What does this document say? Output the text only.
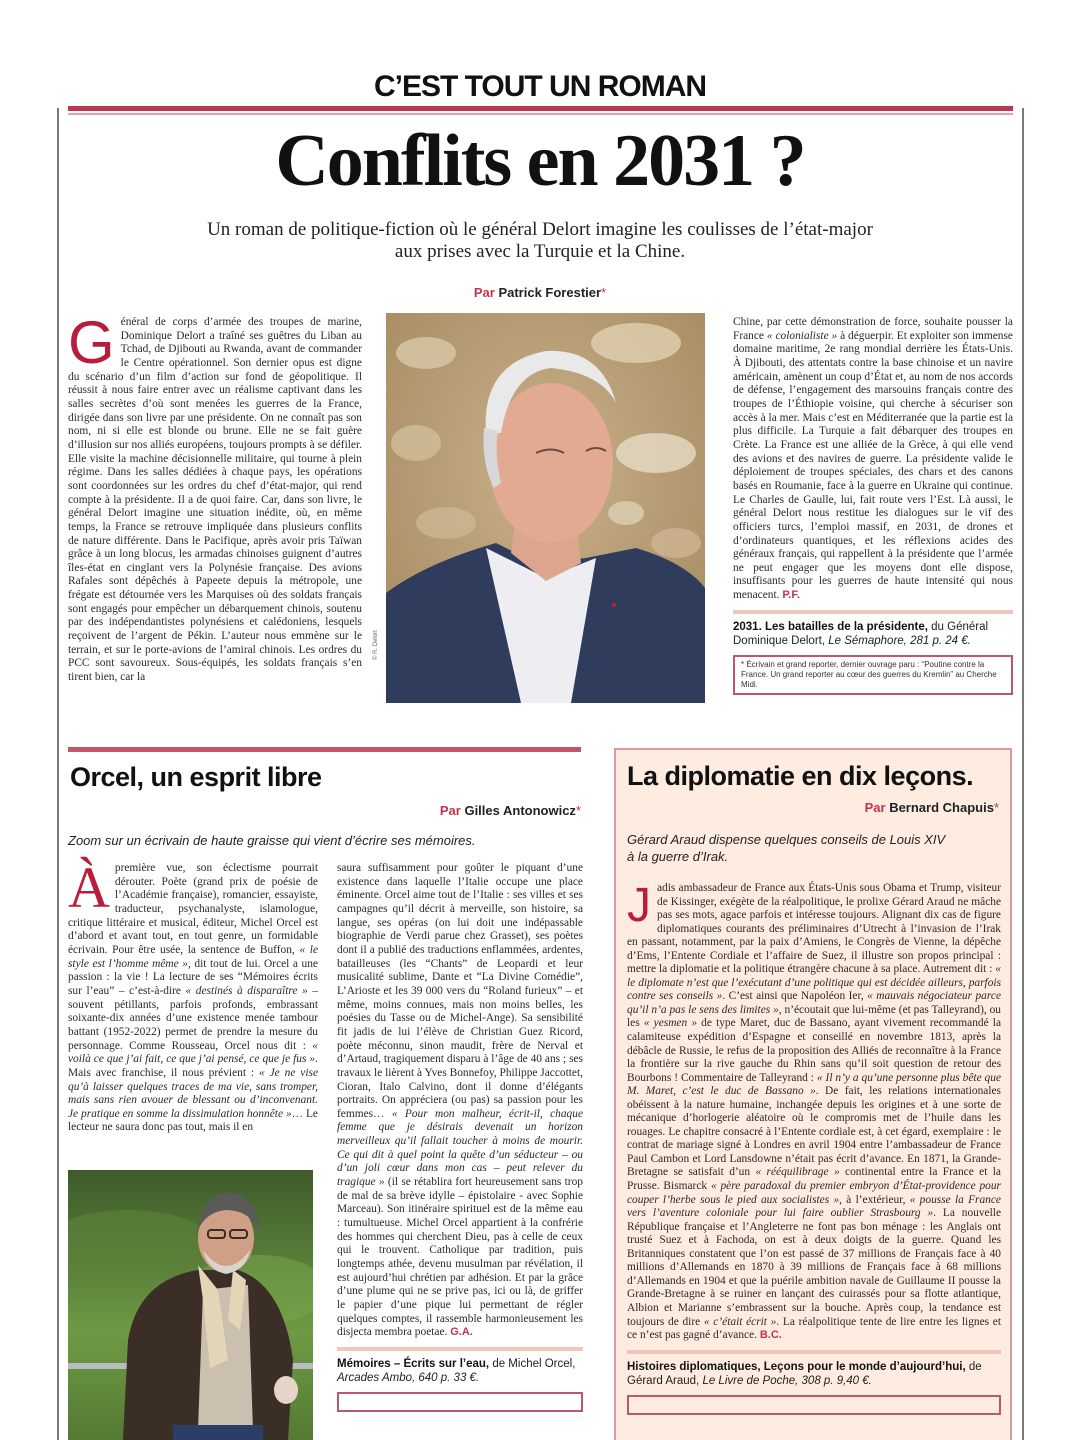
C’EST TOUT UN ROMAN
Conflits en 2031 ?
Un roman de politique-fiction où le général Delort imagine les coulisses de l’état-major
aux prises avec la Turquie et la Chine.
Par Patrick Forestier*
G énéral de corps d’armée des troupes de marine, Dominique Delort a traîné ses guêtres du Liban au Tchad, de Djibouti au Rwanda, avant de commander le Centre opérationnel. Son dernier opus est digne du scénario d’un film d’action sur fond de géopolitique. Il réussit à nous faire entrer avec un réalisme captivant dans les salles secrètes d’où sont menées les guerres de la France, dirigée dans son livre par une présidente. On ne connaît pas son nom, ni si elle est blonde ou brune. Elle ne se fait guère d’illusion sur nos alliés européens, toujours prompts à se défiler. Elle visite la machine décisionnelle militaire, qui tourne à plein régime. Dans les salles dédiées à chaque pays, les opérations sont coordonnées sur les ordres du chef d’état-major, qui rend compte à la présidente. Il a de quoi faire. Car, dans son livre, le général Delort imagine une situation inédite, où, en même temps, la France se retrouve impliquée dans plusieurs conflits de nature différente. Dans le Pacifique, après avoir pris Taïwan grâce à un long blocus, les armadas chinoises guignent d’autres îles-état en cinglant vers la Polynésie française. Des avions Rafales sont dépêchés à Papeete depuis la métropole, une frégate est détournée vers les Marquises où des soldats français sont engagés pour empêcher un débarquement chinois, soutenu par des indépendantistes polynésiens et calédoniens, lesquels reçoivent de l’argent de Pékin. L’auteur nous emmène sur le terrain, et sur le porte-avions de l’amiral chinois. Les ordres du PCC sont savoureux. Sous-équipés, les soldats français s’en tirent bien, car la
© R. Delort
Chine, par cette démonstration de force, souhaite pousser la France « colonialiste » à déguerpir. Et exploiter son immense domaine maritime, 2e rang mondial derrière les États-Unis. À Djibouti, des attentats contre la base chinoise et un navire américain, amènent un coup d’État et, au nom de nos accords de défense, l’engagement des marsouins français contre des troupes de l’Éthiopie voisine, qui cherche à sécuriser son accès à la mer. Mais c’est en Méditerranée que la partie est la plus difficile. La Turquie a fait débarquer des troupes en Crète. La France est une alliée de la Grèce, à qui elle vend des avions et des navires de guerre. La présidente valide le déploiement de troupes spéciales, des chars et des canons basés en Roumanie, face à la guerre en Ukraine qui continue. Le Charles de Gaulle, lui, fait route vers l’Est. Là aussi, le général Delort nous restitue les dialogues sur le vif des officiers turcs, l’emploi massif, en 2031, de drones et d’ordinateurs quantiques, et les réflexions acides des généraux français, qui rappellent à la présidente que l’armée ne peut engager que les moyens dont elle dispose, insuffisants pour les guerres de haute intensité qui nous menacent. P.F.
2031. Les batailles de la présidente, du Général Dominique Delort, Le Sémaphore, 281 p. 24 €.
* Écrivain et grand reporter, dernier ouvrage paru : “Poutine contre la France. Un grand reporter au cœur des guerres du Kremlin” au Cherche Midi.
Orcel, un esprit libre
Par Gilles Antonowicz*
Zoom sur un écrivain de haute graisse qui vient d’écrire ses mémoires.
À première vue, son éclectisme pourrait dérouter. Poète (grand prix de poésie de l’Académie française), romancier, essayiste, traducteur, psychanalyste, islamologue, critique littéraire et musical, éditeur, Michel Orcel est d’abord et avant tout, en tout genre, un formidable écrivain. Pour être usée, la sentence de Buffon, « le style est l’homme même », dit tout de lui. Orcel a une passion : la vie ! La lecture de ses “Mémoires écrits sur l’eau” – c’est-à-dire « destinés à disparaître » – souvent pétillants, parfois profonds, embrassant soixante-dix années d’une existence menée tambour battant (1952-2022) permet de prendre la mesure du personnage. Comme Rousseau, Orcel nous dit : « voilà ce que j’ai fait, ce que j’ai pensé, ce que je fus ». Mais avec franchise, il nous prévient : « Je ne vise qu’à laisser quelques traces de ma vie, sans tromper, mais sans rien avouer de blessant ou d’inconvenant. Je pratique en somme la dissimulation honnête »… Le lecteur ne saura donc pas tout, mais il en
saura suffisamment pour goûter le piquant d’une existence dans laquelle l’Italie occupe une place éminente. Orcel aime tout de l’Italie : ses villes et ses campagnes qu’il décrit à merveille, son histoire, sa langue, ses opéras (on lui doit une indépassable biographie de Verdi parue chez Grasset), ses poètes dont il a publié des traductions enflammées, ardentes, batailleuses (les “Chants” de Leopardi et leur musicalité sublime, Dante et “La Divine Comédie”, L’Arioste et les 39 000 vers du “Roland furieux” – et même, moins connues, mais non moins belles, les poésies du Tasse ou de Michel-Ange). Sa sensibilité fit jadis de lui l’élève de Christian Guez Ricord, poète méconnu, sinon maudit, frère de Nerval et d’Artaud, tragiquement disparu à l’âge de 40 ans ; ses travaux le lièrent à Yves Bonnefoy, Philippe Jaccottet, Cioran, Italo Calvino, dont il donne d’élégants portraits. On appréciera (ou pas) sa passion pour les femmes… « Pour mon malheur, écrit-il, chaque femme que je désirais devenait un horizon merveilleux qu’il fallait toucher à moins de mourir. Ce qui dit à quel point la quête d’un séducteur – ou d’un joli cœur dans mon cas – peut relever du tragique » (il se rétablira fort heureusement sans trop de mal de sa brève idylle – épistolaire - avec Sophie Marceau). Son itinéraire spirituel est de la même eau : tumultueuse. Michel Orcel appartient à la confrérie des hommes qui cherchent Dieu, pas à celle de ceux qui le trouvent. Catholique par tradition, puis longtemps athée, devenu musulman par révélation, il est aujourd’hui chrétien par adhésion. Et par la grâce d’une plume qui ne se prive pas, ici ou là, de griffer le papier d’une pique lui permettant de régler quelques comptes, il rassemble harmonieusement les disjecta membra poetae. G.A.
Mémoires – Écrits sur l’eau, de Michel Orcel, Arcades Ambo, 640 p. 33 €.
La diplomatie en dix leçons.
Par Bernard Chapuis*
Gérard Araud dispense quelques conseils de Louis XIV
à la guerre d’Irak.
J adis ambassadeur de France aux États-Unis sous Obama et Trump, visiteur de Kissinger, exégète de la réalpolitique, le prolixe Gérard Araud ne mâche pas ses mots, agace parfois et intéresse toujours. Alignant dix cas de figure diplomatiques courants des préliminaires d’Utrecht à l’invasion de l’Irak en passant, notamment, par la paix d’Amiens, le Congrès de Vienne, la dépêche d’Ems, l’Entente Cordiale et l’affaire de Suez, il illustre son propos principal : mettre la diplomatie et la politique étrangère chacune à sa place. Autrement dit : « le diplomate n’est que l’exécutant d’une politique qui est décidée ailleurs, parfois contre ses conseils ». C’est ainsi que Napoléon Ier, « mauvais négociateur parce qu’il n’a pas le sens des limites », n’écoutait que lui-même (et pas Talleyrand), ou les « yesmen » de type Maret, duc de Bassano, ayant vivement recommandé la calamiteuse expédition d’Espagne et conseillé en novembre 1813, après la débâcle de Russie, le refus de la proposition des Alliés de reconnaître à la France la frontière sur la rive gauche du Rhin sans qu’il soit question de retour des Bourbons ! Commentaire de Talleyrand : « Il n’y a qu’une personne plus bête que M. Maret, c’est le duc de Bassano ». De fait, les relations internationales obéissent à la nature humaine, inchangée depuis les origines et à une sorte de mécanique d’horlogerie aléatoire où le compromis met de l’huile dans les rouages. Le chapitre consacré à l’Entente cordiale est, à cet égard, exemplaire : le contrat de mariage signé à Londres en avril 1904 entre l’ambassadeur de France Paul Cambon et Lord Lansdowne n’était pas écrit d’avance. En 1871, la Grande-Bretagne se satisfait d’un « rééquilibrage » continental entre la France et la Prusse. Bismarck « père paradoxal du premier embryon d’État-providence pour couper l’herbe sous le pied aux socialistes », à l’extérieur, « pousse la France vers l’aventure coloniale pour lui faire oublier Strasbourg ». La nouvelle République française et l’Angleterre ne font pas bon ménage : les Anglais ont trusté Suez et à Fachoda, on est à deux doigts de la guerre. Quand les Britanniques constatent que l’on est passé de 37 millions de Français face à 40 millions d’Allemands en 1870 à 39 millions de Français face à 68 millions d’Allemands en 1904 et que la puérile ambition navale de Guillaume II pousse la Grande-Bretagne à se ruiner en lançant des cuirassés pour sa flotte atlantique, Albion et Marianne s’embrassent sur la bouche. Après coup, la tendance est toujours de dire « c’était écrit ». La réalpolitique tente de lire entre les lignes et ce n’est pas gagné d’avance. B.C.
Histoires diplomatiques, Leçons pour le monde d’aujourd’hui, de Gérard Araud, Le Livre de Poche, 308 p. 9,40 €.
